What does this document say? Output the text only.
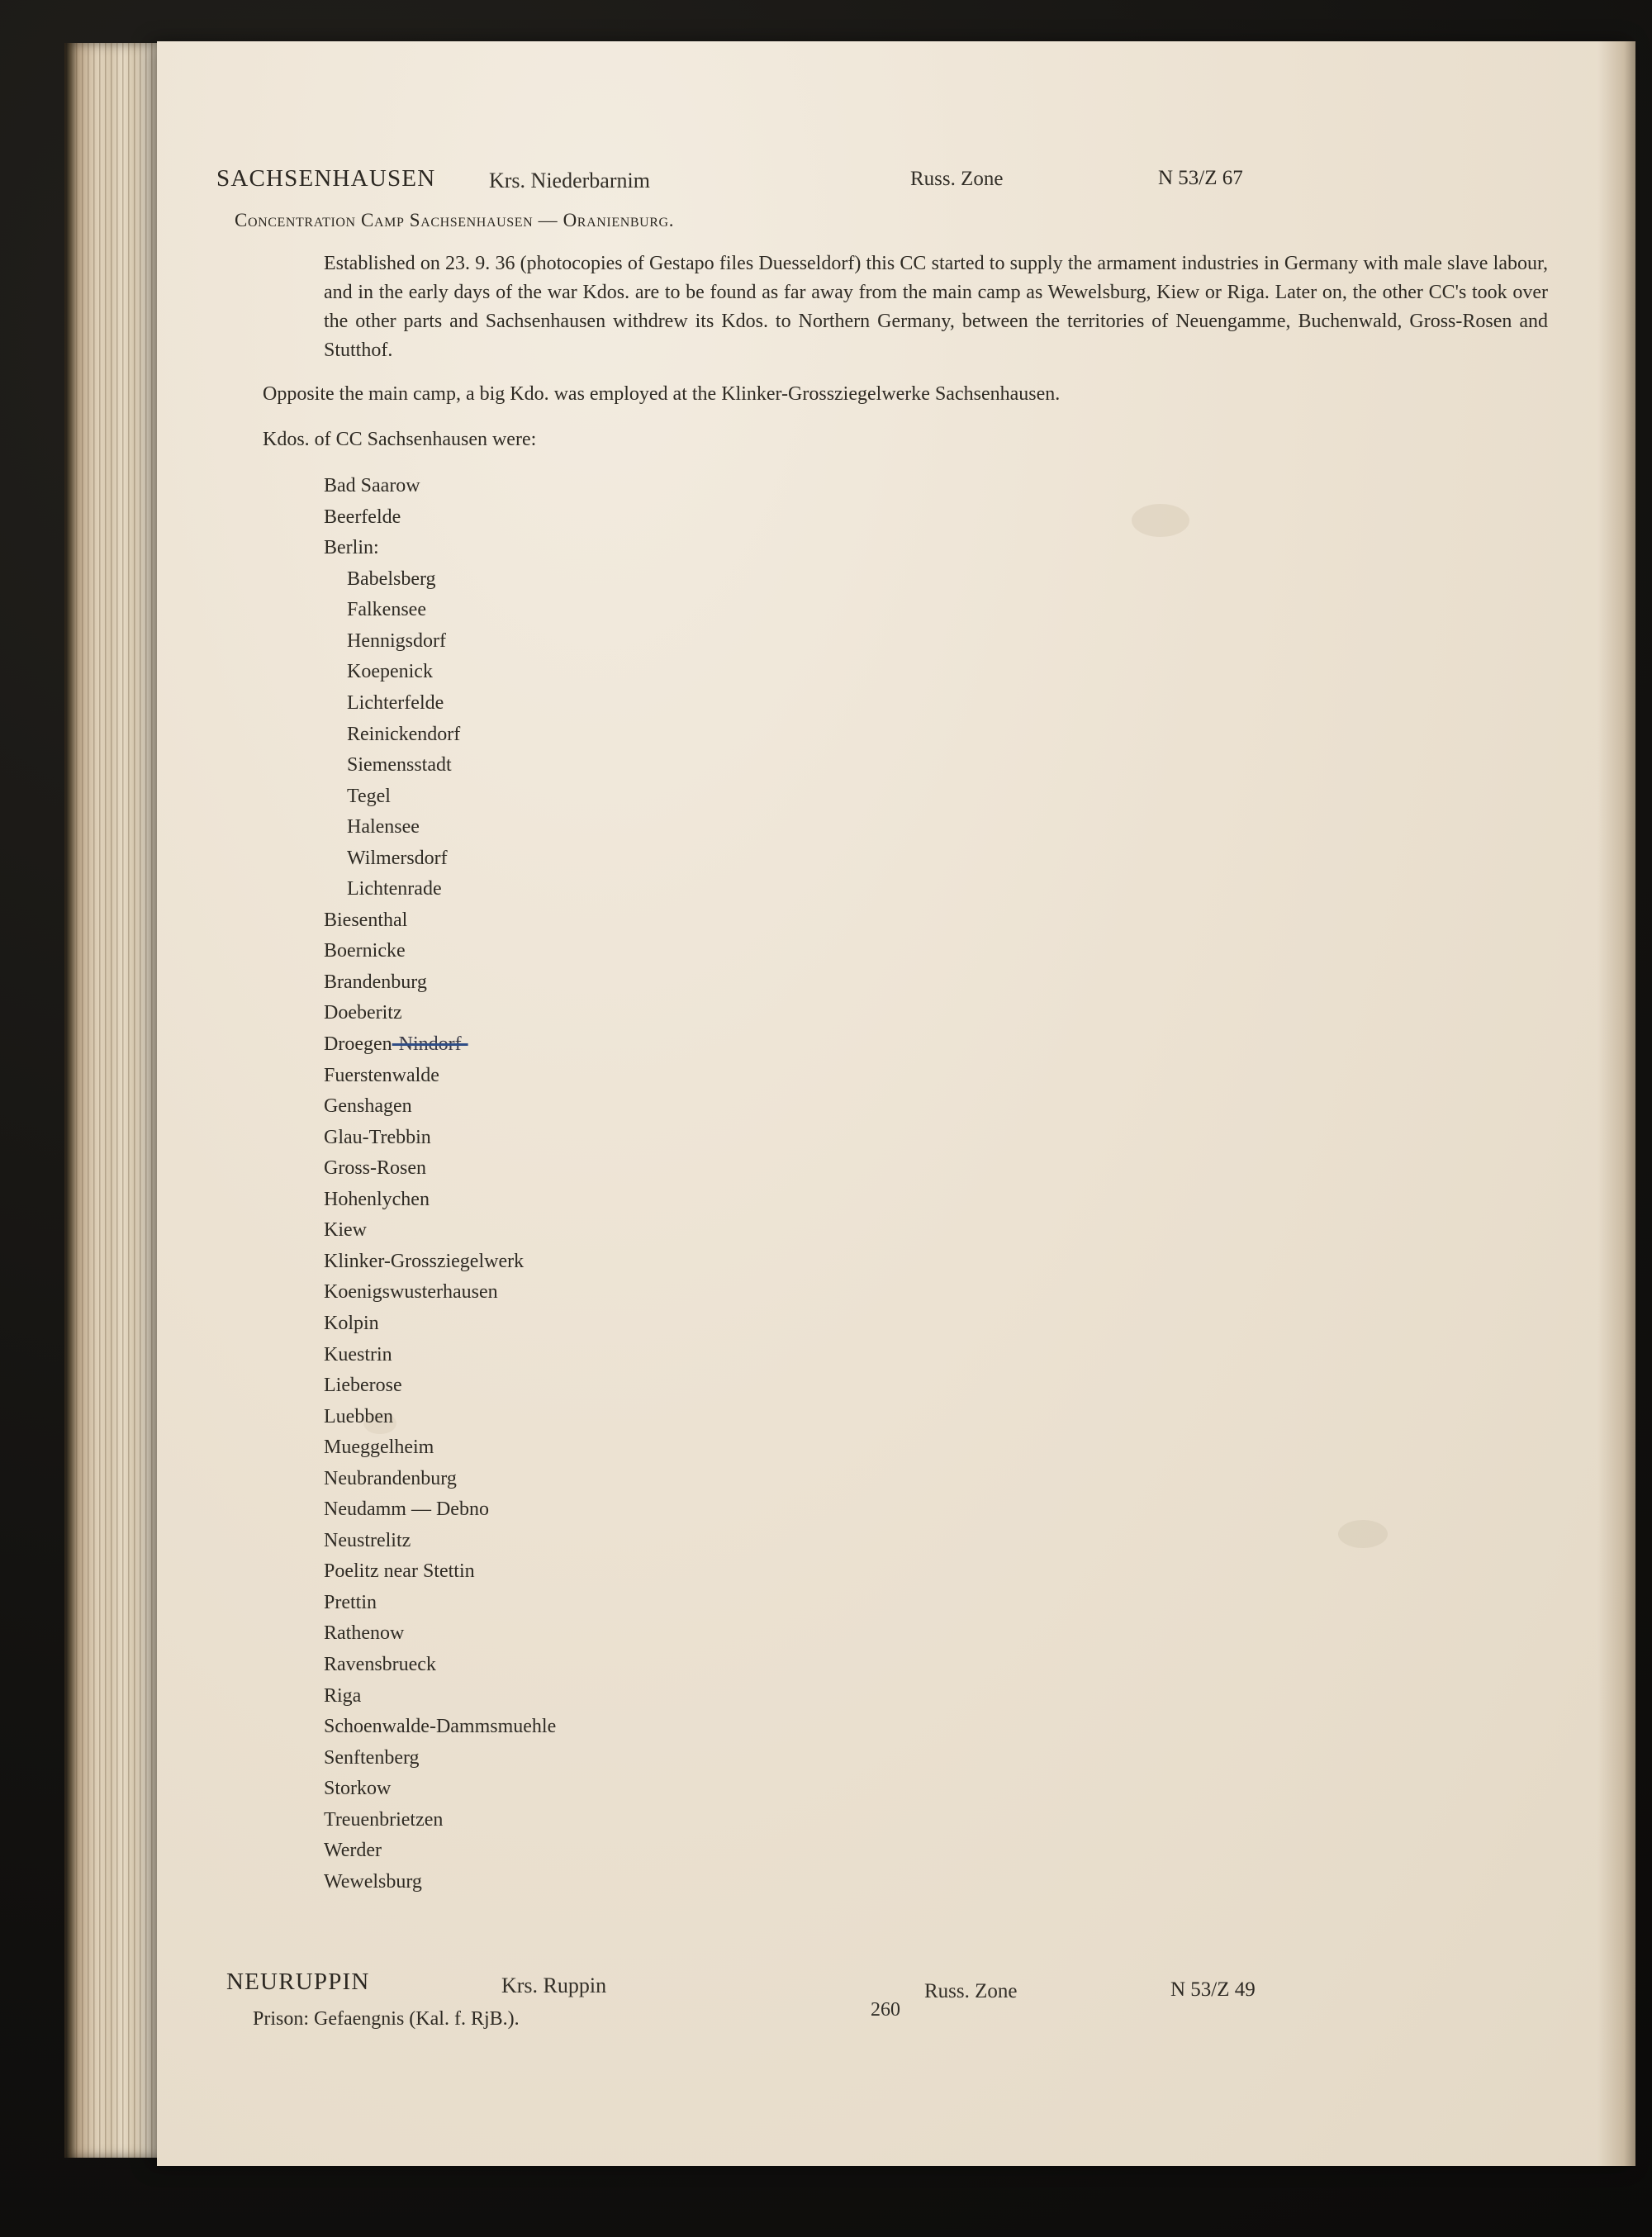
SACHSENHAUSEN Krs. Niederbarnim	Russ. Zone	N 53/Z 67
Concentration Camp Sachsenhausen — Oranienburg.

Established on 23. 9. 36 (photocopies of Gestapo files Duesseldorf) this CC started to supply the armament industries in Germany with male slave labour, and in the early days of the war Kdos. are to be found as far away from the main camp as Wewelsburg, Kiew or Riga. Later on, the other CC's took over the other parts and Sachsenhausen withdrew its Kdos. to Northern Germany, between the territories of Neuengamme, Buchenwald, Gross-Rosen and Stutthof.

Opposite the main camp, a big Kdo. was employed at the Klinker-Grossziegelwerke Sachsenhausen.

Kdos. of CC Sachsenhausen were:

Bad Saarow
Beerfelde
Berlin:
Babelsberg
Falkensee
Hennigsdorf
Koepenick
Lichterfelde
Reinickendorf
Siemensstadt
Tegel
Halensee
Wilmersdorf
Lichtenrade
Biesenthal
Boernicke
Brandenburg
Doeberitz
Droegen-Nindorf-
Fuerstenwalde
Genshagen
Glau-Trebbin
Gross-Rosen
Hohenlychen
Kiew
Klinker-Grossziegelwerk
Koenigswusterhausen
Kolpin
Kuestrin
Lieberose
Luebben
Mueggelheim
Neubrandenburg
Neudamm — Debno
Neustrelitz
Poelitz near Stettin
Prettin
Rathenow
Ravensbrueck
Riga
Schoenwalde-Dammsmuehle
Senftenberg
Storkow
Treuenbrietzen
Werder
Wewelsburg
NEURUPPIN	Krs. Ruppin	Russ. Zone	N 53/Z 49
Prison: Gefaengnis (Kal. f. RjB.).	260
